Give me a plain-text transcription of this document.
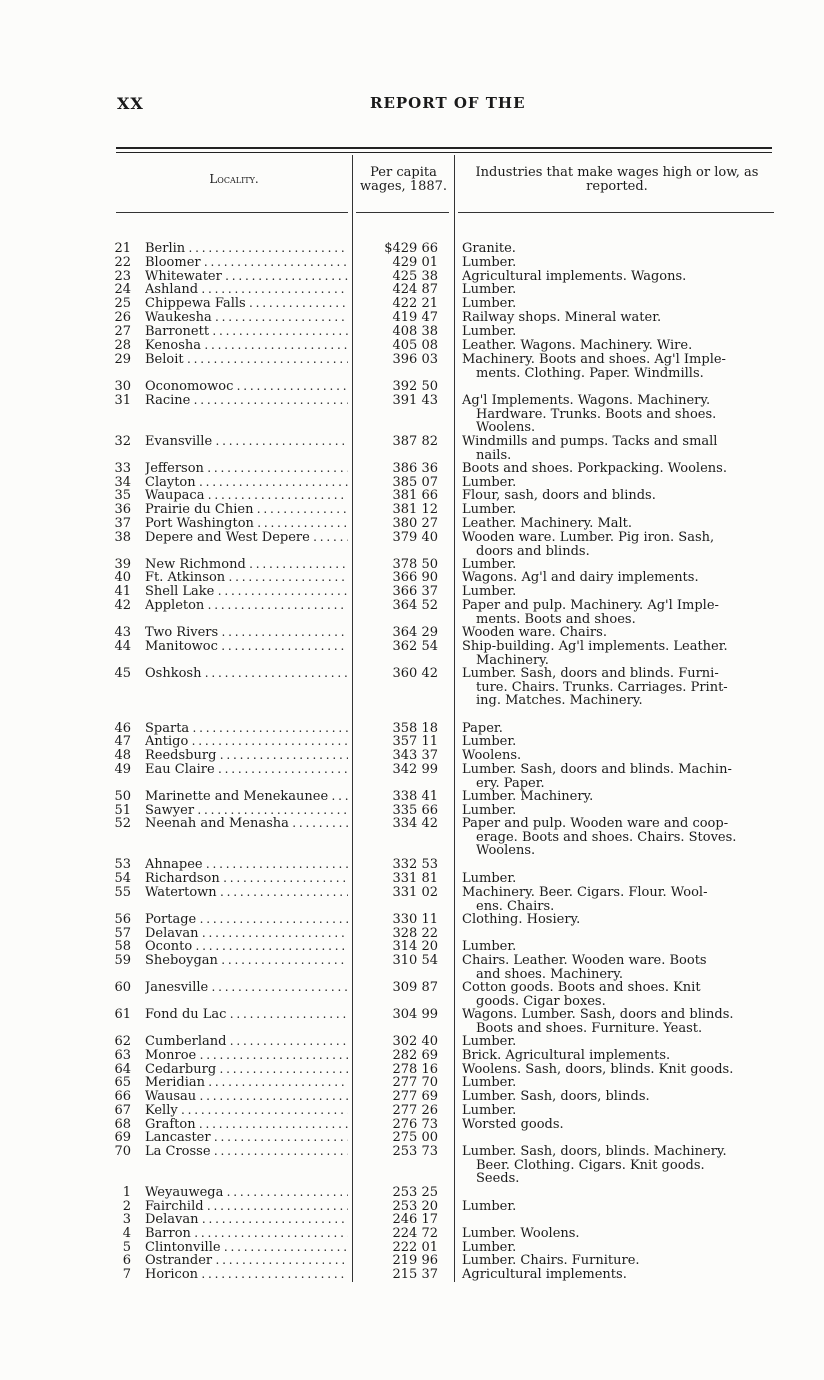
XX	REPORT OF THE
Locality.	Per capita wages, 1887.
Industries that make wages high or low, as reported.
21 Berlin . . .	$429 66 Granite.
22 Bloomer . . .	429 01 Lumber.
23 Whitewater . . .	425 38 Agricultural implements. Wagons.
24 Ashland . . .	424 87 Lumber.
25 Chippewa Falls . . .	422 21 Lumber.
26 Waukesha . . .	419 47 Railway shops. Mineral water.
27 Barronett . . .	408 38 Lumber.
28 Kenosha . . .	405 08 Leather. Wagons. Machinery. Wire.
29 Beloit . . .	396 03 Machinery. Boots and shoes. Ag'l Imple-
ments. Clothing. Paper. Windmills.
30 Oconomowoc . . .	392 50
31 Racine . . .	391 43 Ag'l Implements. Wagons. Machinery.
Hardware. Trunks. Boots and shoes.
Woolens.
32 Evansville . . .	387 82 Windmills and pumps. Tacks and small
nails.
33 Jefferson . . .	386 36 Boots and shoes. Porkpacking. Woolens.
34 Clayton . . .	385 07 Lumber.
35 Waupaca . . .	381 66 Flour, sash, doors and blinds.
36 Prairie du Chien . . .	381 12 Lumber.
37 Port Washington . . .	380 27 Leather. Machinery. Malt.
38 Depere and West Depere . . .	379 40 Wooden ware. Lumber. Pig iron. Sash,
doors and blinds.
39 New Richmond . . .	378 50 Lumber.
40 Ft. Atkinson . . .	366 90 Wagons. Ag'l and dairy implements.
41 Shell Lake . . .	366 37 Lumber.
42 Appleton . . .	364 52 Paper and pulp. Machinery. Ag'l Imple-
ments. Boots and shoes.
43 Two Rivers . . .	364 29 Wooden ware. Chairs.
44 Manitowoc . . .	362 54 Ship-building. Ag'l implements. Leather.
Machinery.
45 Oshkosh . . .	360 42 Lumber. Sash, doors and blinds. Furni-
ture. Chairs. Trunks. Carriages. Print-
ing. Matches. Machinery.
46 Sparta . . .	358 18 Paper.
47 Antigo . . .	357 11 Lumber.
48 Reedsburg . . .	343 37 Woolens.
49 Eau Claire . . .	342 99 Lumber. Sash, doors and blinds. Machin-
ery. Paper.
50 Marinette and Menekaunee . . .	338 41 Lumber. Machinery.
51 Sawyer . . .	335 66 Lumber.
52 Neenah and Menasha . . .	334 42 Paper and pulp. Wooden ware and coop-
erage. Boots and shoes. Chairs. Stoves.
Woolens.
53 Ahnapee . . .	332 53
54 Richardson . . .	331 81 Lumber.
55 Watertown . . .	331 02 Machinery. Beer. Cigars. Flour. Wool-
ens. Chairs.
56 Portage . . .	330 11 Clothing. Hosiery.
57 Delavan . . .	328 22
58 Oconto . . .	314 20 Lumber.
59 Sheboygan . . .	310 54 Chairs. Leather. Wooden ware. Boots
and shoes. Machinery.
60 Janesville . . .	309 87 Cotton goods. Boots and shoes. Knit
goods. Cigar boxes.
61 Fond du Lac . . .	304 99 Wagons. Lumber. Sash, doors and blinds.
Boots and shoes. Furniture. Yeast.
62 Cumberland . . .	302 40 Lumber.
63 Monroe . . .	282 69 Brick. Agricultural implements.
64 Cedarburg . . .	278 16 Woolens. Sash, doors, blinds. Knit goods.
65 Meridian . . .	277 70 Lumber.
66 Wausau . . .	277 69 Lumber. Sash, doors, blinds.
67 Kelly . . .	277 26 Lumber.
68 Grafton . . .	276 73 Worsted goods.
69 Lancaster . . .	275 00
70 La Crosse . . .	253 73 Lumber. Sash, doors, blinds. Machinery.
Beer. Clothing. Cigars. Knit goods.
Seeds.
1 Weyauwega . . .	253 25
2 Fairchild . . .	253 20 Lumber.
3 Delavan . . .	246 17
4 Barron . . .	224 72 Lumber. Woolens.
5 Clintonville . . .	222 01 Lumber.
6 Ostrander . . .	219 96 Lumber. Chairs. Furniture.
7 Horicon . . .	215 37 Agricultural implements.
